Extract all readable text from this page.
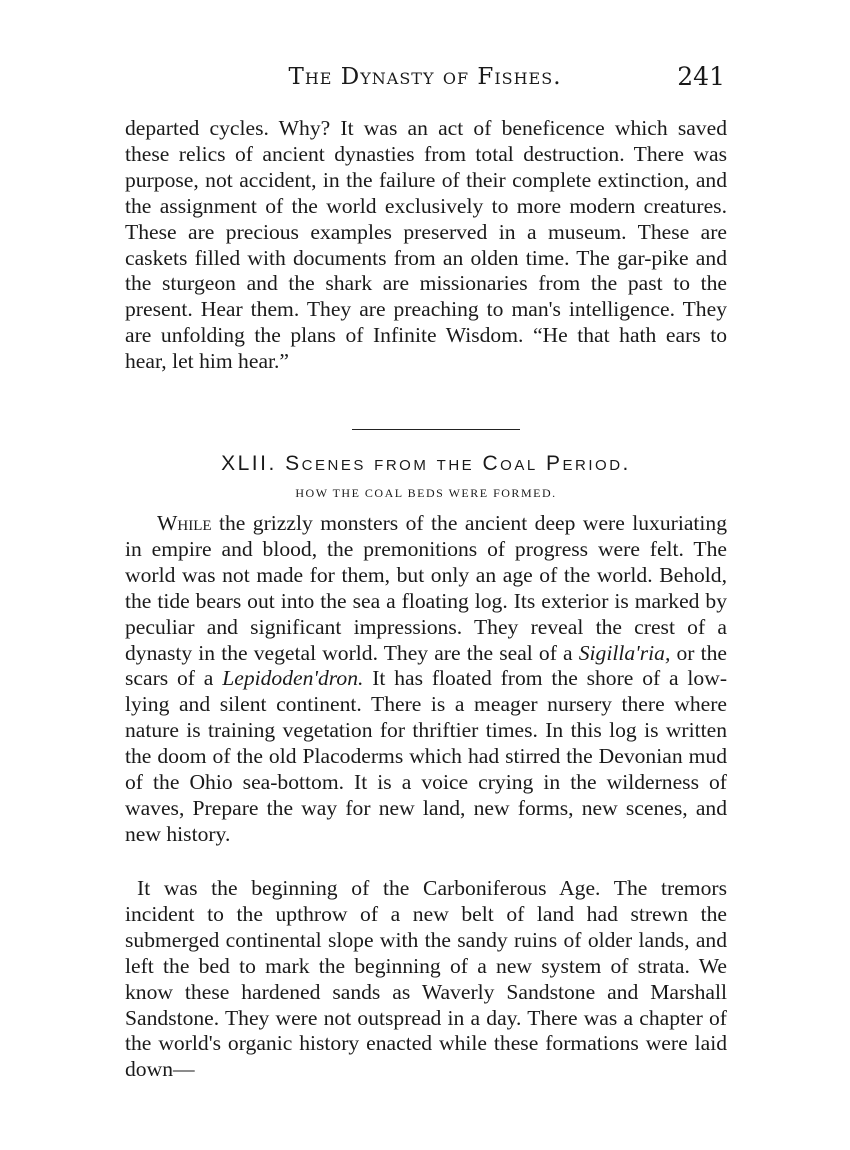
The Dynasty of Fishes.	241

departed cycles. Why? It was an act of beneficence which saved these relics of ancient dynasties from total destruction. There was purpose, not accident, in the failure of their complete extinction, and the assignment of the world exclusively to more modern creatures. These are precious examples preserved in a museum. These are caskets filled with documents from an olden time. The gar-pike and the sturgeon and the shark are missionaries from the past to the present. Hear them. They are preaching to man's intelligence. They are unfolding the plans of Infinite Wisdom. “He that hath ears to hear, let him hear.”

XLII. Scenes from the Coal Period.
HOW THE COAL BEDS WERE FORMED.

While the grizzly monsters of the ancient deep were luxuriating in empire and blood, the premonitions of progress were felt. The world was not made for them, but only an age of the world. Behold, the tide bears out into the sea a floating log. Its exterior is marked by peculiar and significant impressions. They reveal the crest of a dynasty in the vegetal world. They are the seal of a Sigilla'ria, or the scars of a Lepidoden'dron. It has floated from the shore of a low-lying and silent continent. There is a meager nursery there where nature is training vegetation for thriftier times. In this log is written the doom of the old Placoderms which had stirred the Devonian mud of the Ohio sea-bottom. It is a voice crying in the wilderness of waves, Prepare the way for new land, new forms, new scenes, and new history.

It was the beginning of the Carboniferous Age. The tremors incident to the upthrow of a new belt of land had strewn the submerged continental slope with the sandy ruins of older lands, and left the bed to mark the beginning of a new system of strata. We know these hardened sands as Waverly Sandstone and Marshall Sandstone. They were not outspread in a day. There was a chapter of the world's organic history enacted while these formations were laid down—
